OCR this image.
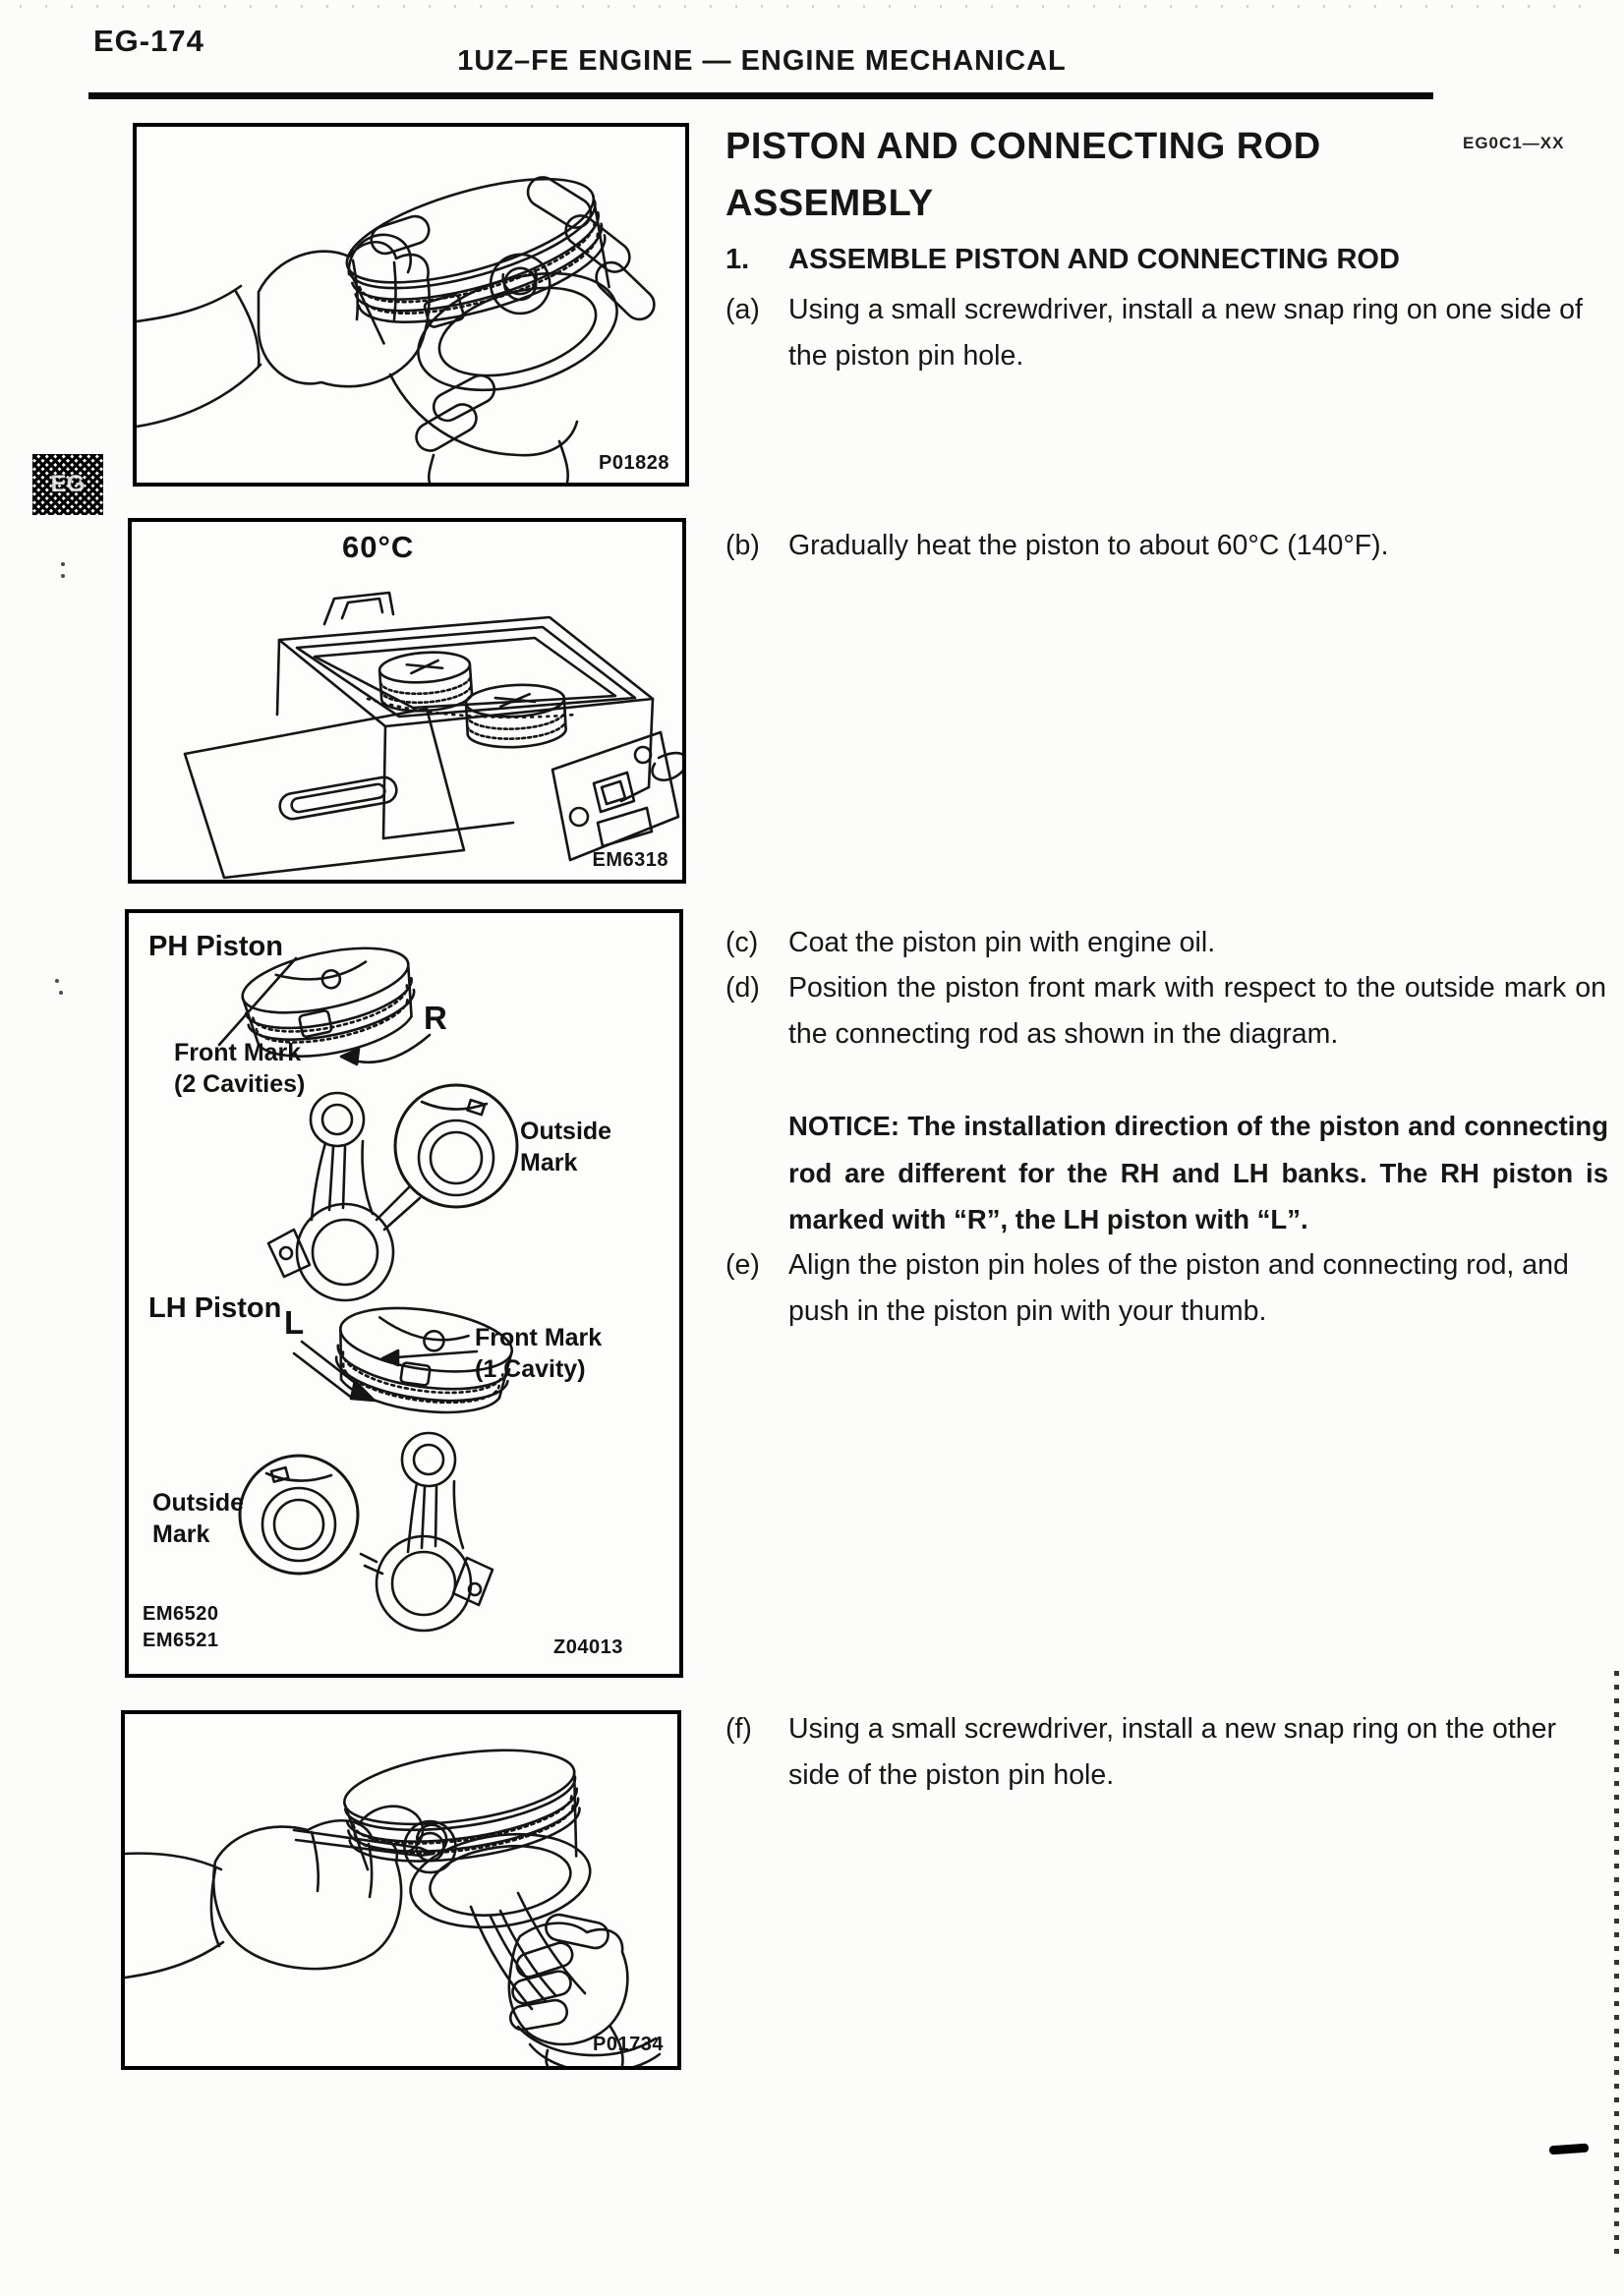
EG-174
1UZ–FE ENGINE — ENGINE MECHANICAL
EG
PISTON AND CONNECTING ROD
ASSEMBLY
EG0C1—XX
1.	ASSEMBLE PISTON AND CONNECTING ROD
(a)	Using a small screwdriver, install a new snap ring on one side of the piston pin hole.
(b)	Gradually heat the piston to about 60°C (140°F).
(c)	Coat the piston pin with engine oil.
(d)	Position the piston front mark with respect to the outside mark on the connecting rod as shown in the diagram.
NOTICE: The installation direction of the piston and connecting rod are different for the RH and LH banks. The RH piston is marked with “R”, the LH piston with “L”.
(e)	Align the piston pin holes of the piston and connecting rod, and push in the piston pin with your thumb.
(f)	Using a small screwdriver, install a new snap ring on the other side of the piston pin hole.
P01828
60°C
EM6318
PH Piston
Front Mark
(2 Cavities)
R
Outside
Mark
LH Piston L	Front Mark
(1 Cavity)
Outside
Mark
EM6520
EM6521	Z04013
P01734
